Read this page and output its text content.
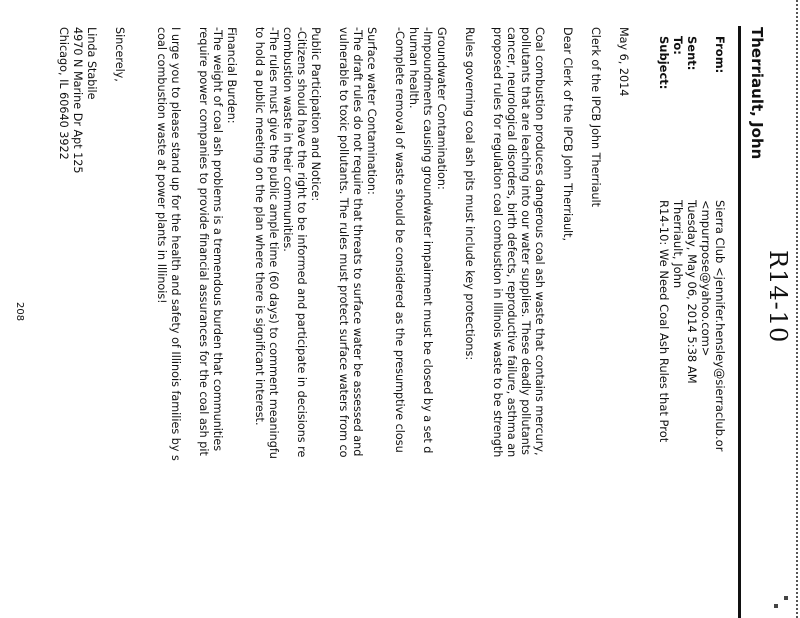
R14-10
Therriault, John
From:
Sierra Club <jennifer.hensley@sierraclub.or
<mpurrpose@yahoo.com>
Sent:
Tuesday, May 06, 2014 5:38 AM
To:
Therriault, John
Subject:
R14-10: We Need Coal Ash Rules that Prot
May 6, 2014
Clerk of the IPCB John Therriault
Dear Clerk of the IPCB John Therriault,
Coal combustion produces dangerous coal ash waste that contains mercury,
pollutants that are leaching into our water supplies. These deadly pollutants
cancer, neurological disorders, birth defects, reproductive failure, asthma an
proposed rules for regulation coal combustion in Illinois waste to be strength
Rules governing coal ash pits must include key protections:
Groundwater Contamination:
-Impoundments causing groundwater impairment must be closed by a set d
human health.
-Complete removal of waste should be considered as the presumptive closu
Surface water Contamination:
-The draft rules do not require that threats to surface water be assessed and
vulnerable to toxic pollutants. The rules must protect surface waters from co
Public Participation and Notice:
-Citizens should have the right to be informed and participate in decisions re
combustion waste in their communities.
-The rules must give the public ample time (60 days) to comment meaningfu
to hold a public meeting on the plan where there is significant interest.
Financial Burden:
-The weight of coal ash problems is a tremendous burden that communities
require power companies to provide financial assurances for the coal ash pit
I urge you to please stand up for the health and safety of Illinois families by s
coal combustion waste at power plants in Illinois!
Sincerely,
Linda Stabile
4970 N Marine Dr Apt 125
Chicago, IL 60640 3922
208
